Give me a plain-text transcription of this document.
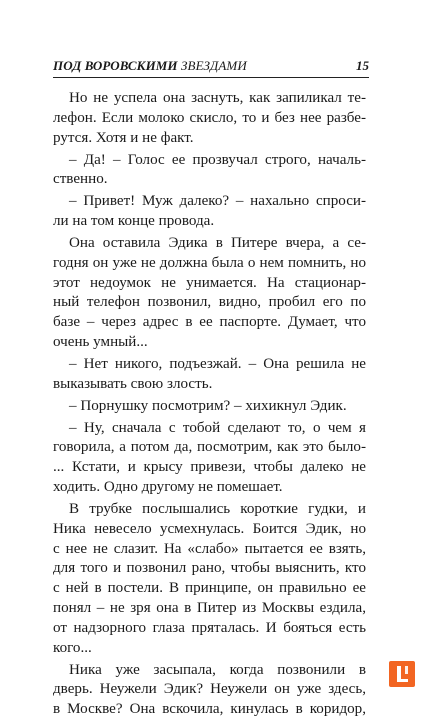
ПОД ВОРОВСКИМИ ЗВЕЗДАМИ	15
Но не успела она заснуть, как запиликал те-
лефон. Если молоко скисло, то и без нее разбе-
рутся. Хотя и не факт.
– Да! – Голос ее прозвучал строго, началь-
ственно.
– Привет! Муж далеко? – нахально спроси-
ли на том конце провода.
Она оставила Эдика в Питере вчера, а се-
годня он уже не должна была о нем помнить, но
этот недоумок не унимается. На стационар-
ный телефон позвонил, видно, пробил его по
базе – через адрес в ее паспорте. Думает, что
очень умный...
– Нет никого, подъезжай. – Она решила не
выказывать свою злость.
– Порнушку посмотрим? – хихикнул Эдик.
– Ну, сначала с тобой сделают то, о чем я
говорила, а потом да, посмотрим, как это было-
... Кстати, и крысу привези, чтобы далеко не
ходить. Одно другому не помешает.
В трубке послышались короткие гудки, и
Ника невесело усмехнулась. Боится Эдик, но
с нее не слазит. На «слабо» пытается ее взять,
для того и позвонил рано, чтобы выяснить, кто
с ней в постели. В принципе, он правильно ее
понял – не зря она в Питер из Москвы ездила,
от надзорного глаза пряталась. И бояться есть
кого...
Ника уже засыпала, когда позвонили в
дверь. Неужели Эдик? Неужели он уже здесь,
в Москве? Она вскочила, кинулась в коридор,
